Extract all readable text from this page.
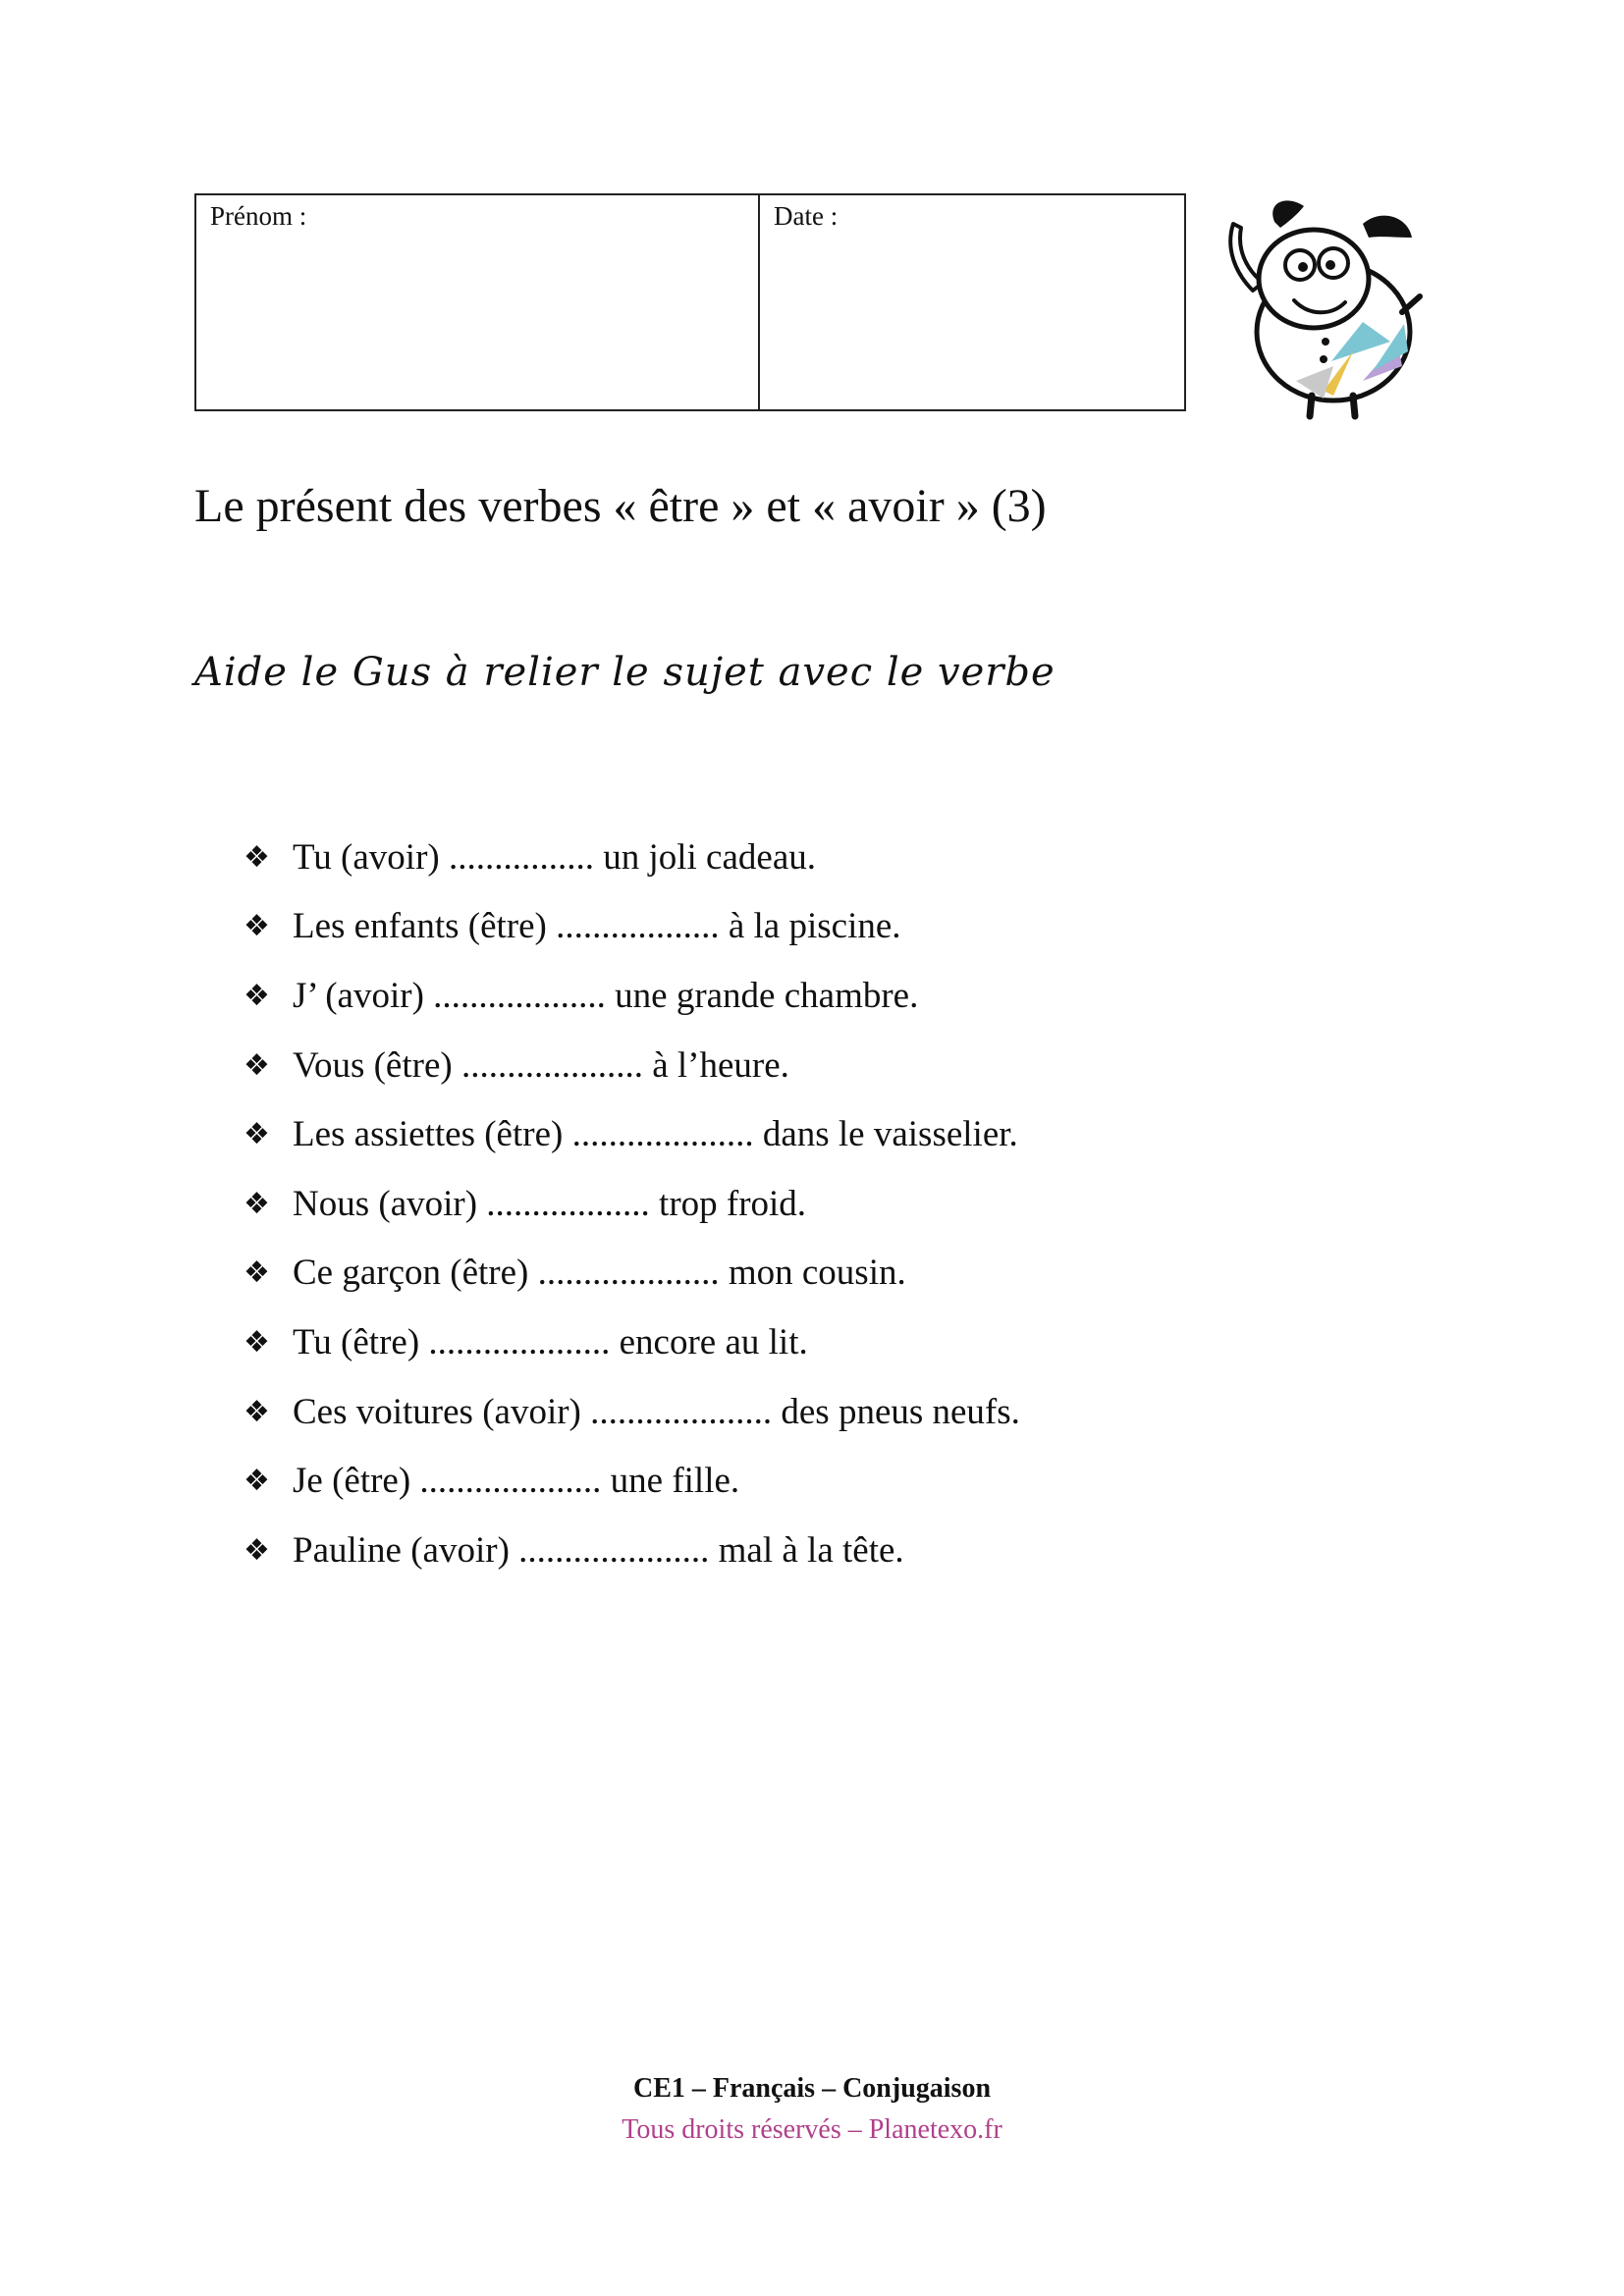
Prénom :	Date :
Le présent des verbes « être » et « avoir » (3)

Aide le Gus à relier le sujet avec le verbe

❖ Tu (avoir) ................ un joli cadeau.
❖ Les enfants (être) .................. à la piscine.
❖ J’ (avoir) ................... une grande chambre.
❖ Vous (être) .................... à l’heure.
❖ Les assiettes (être) .................... dans le vaisselier.
❖ Nous (avoir) .................. trop froid.
❖ Ce garçon (être) .................... mon cousin.
❖ Tu (être) .................... encore au lit.
❖ Ces voitures (avoir) .................... des pneus neufs.
❖ Je (être) .................... une fille.
❖ Pauline (avoir) ..................... mal à la tête.
CE1 – Français – Conjugaison
Tous droits réservés – Planetexo.fr
